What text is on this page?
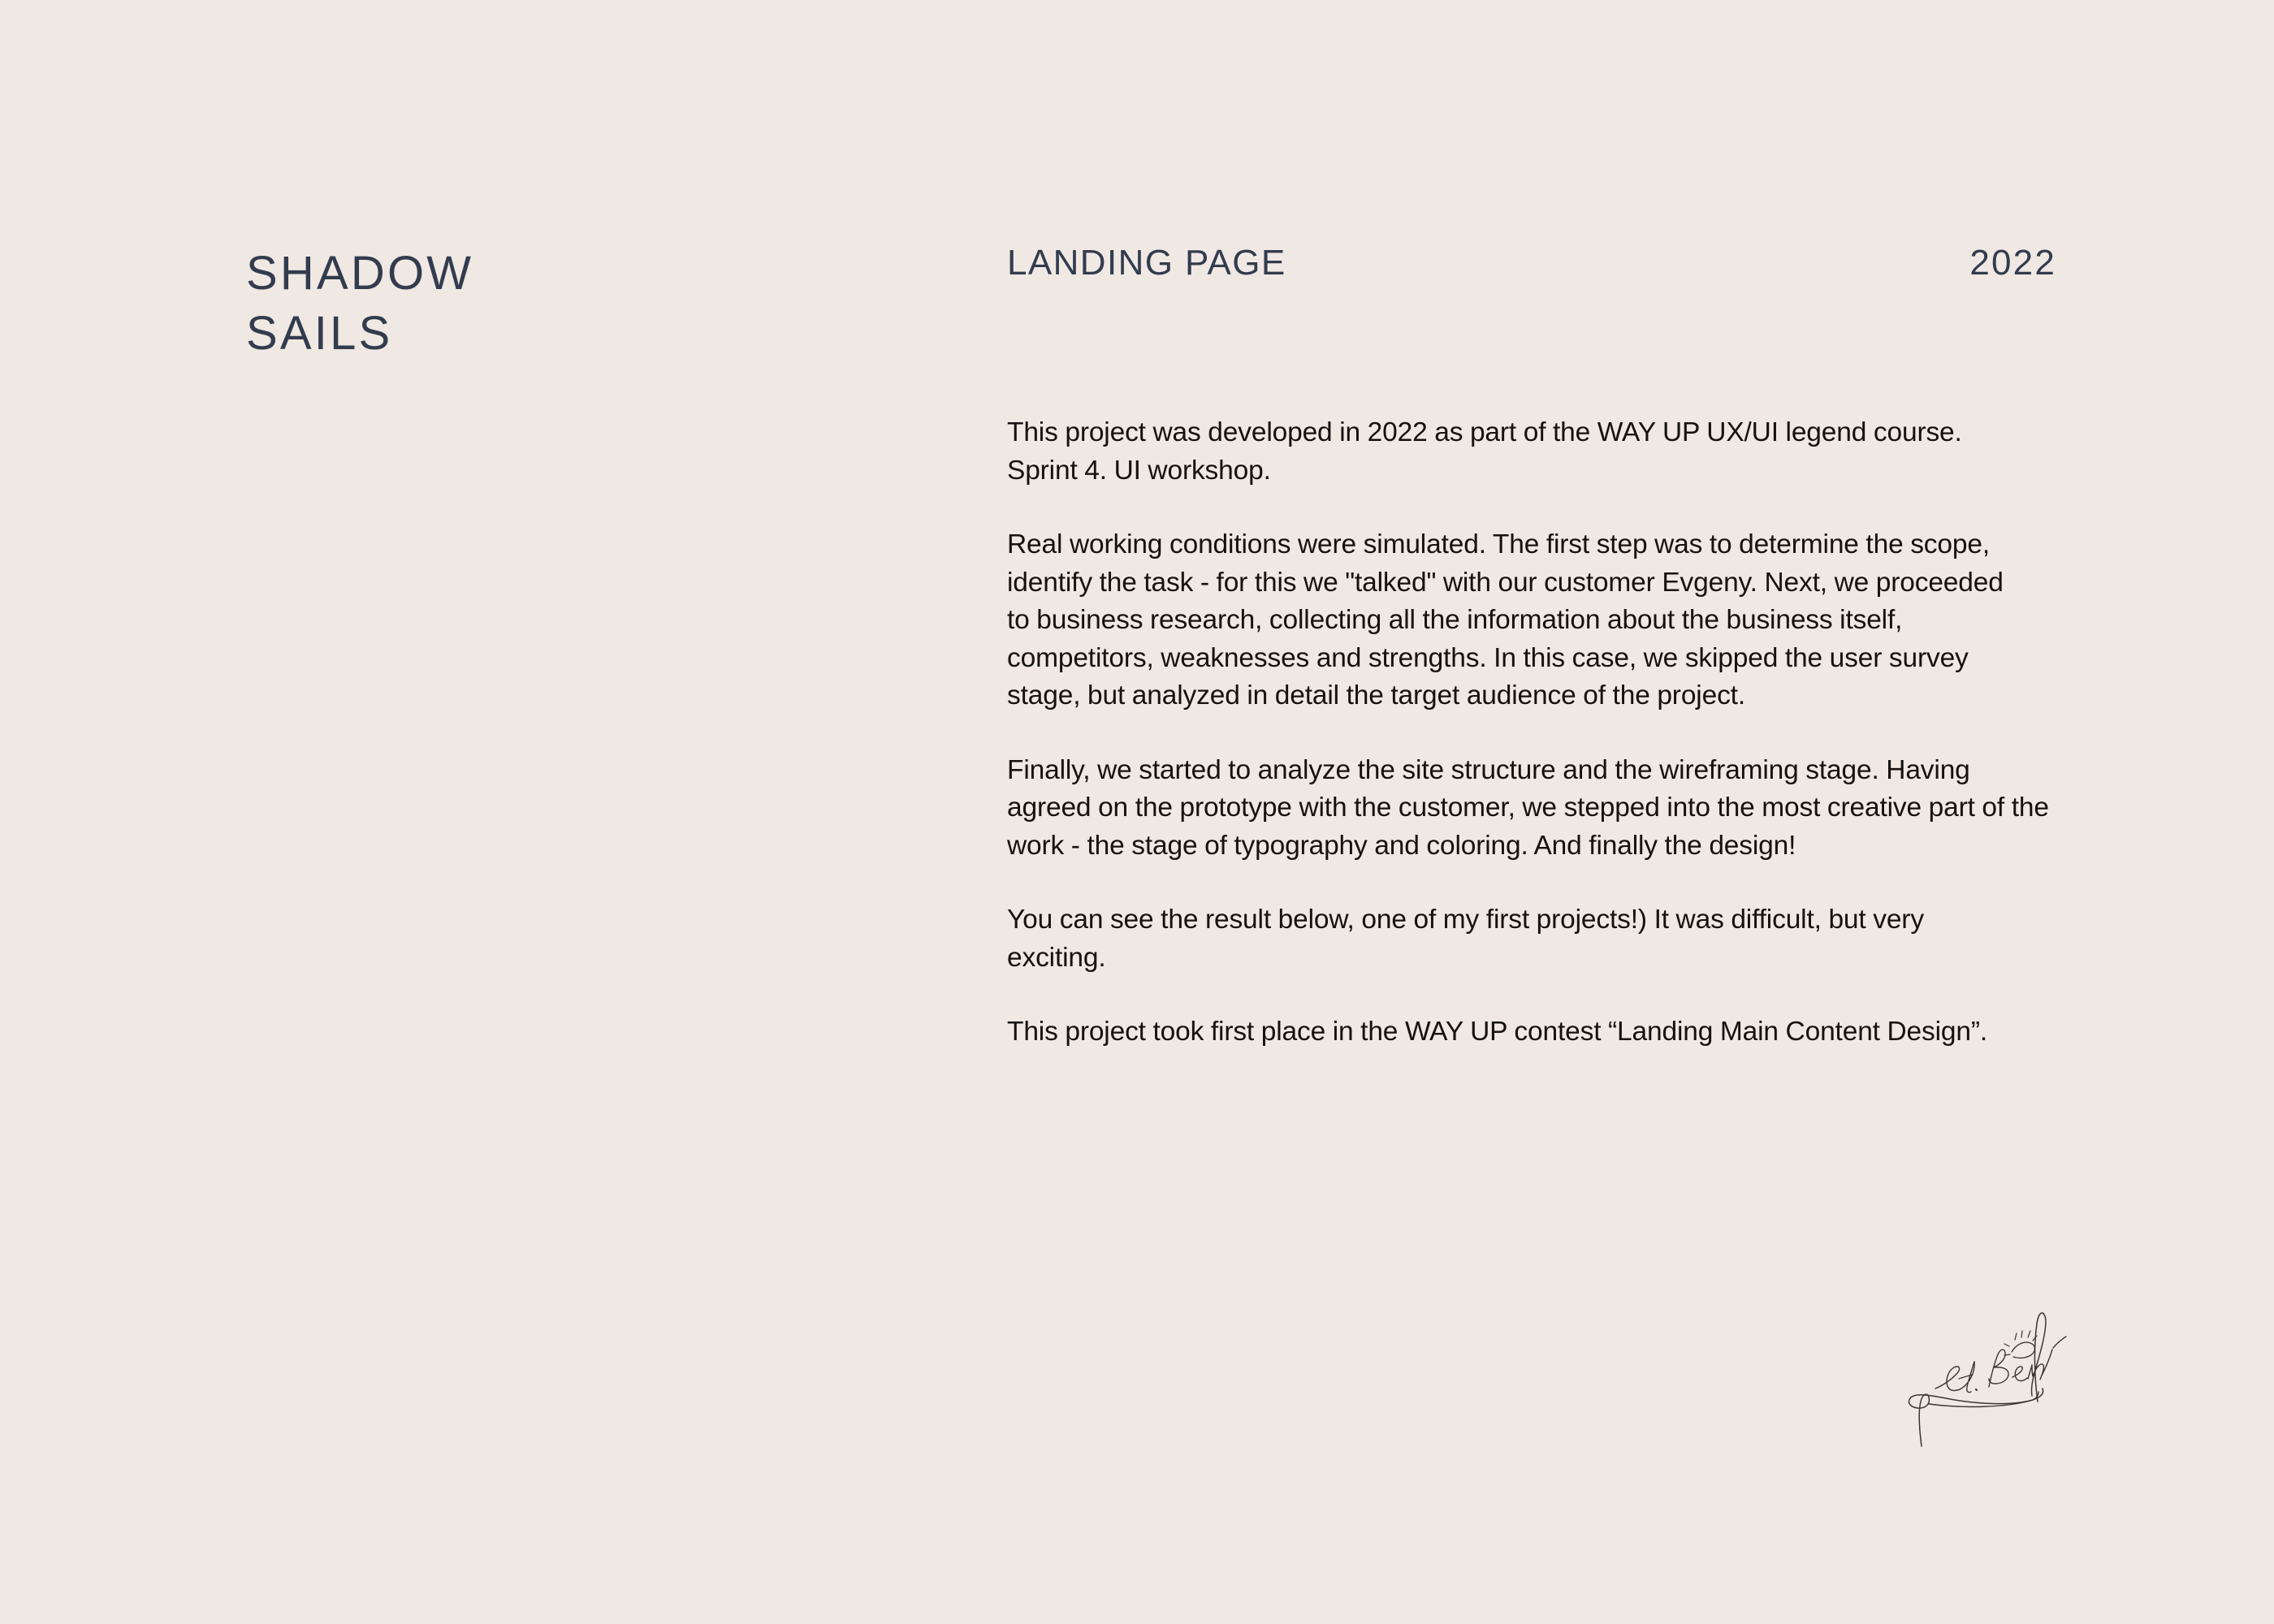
SHADOW
SAILS
LANDING PAGE	2022

This project was developed in 2022 as part of the WAY UP UX/UI legend course. Sprint 4. UI workshop.

Real working conditions were simulated. The first step was to determine the scope, identify the task - for this we "talked" with our customer Evgeny. Next, we proceeded to business research, collecting all the information about the business itself, competitors, weaknesses and strengths. In this case, we skipped the user survey stage, but analyzed in detail the target audience of the project.

Finally, we started to analyze the site structure and the wireframing stage. Having agreed on the prototype with the customer, we stepped into the most creative part of the work - the stage of typography and coloring. And finally the design!

You can see the result below, one of my first projects!) It was difficult, but very exciting.

This project took first place in the WAY UP contest “Landing Main Content Design”.
